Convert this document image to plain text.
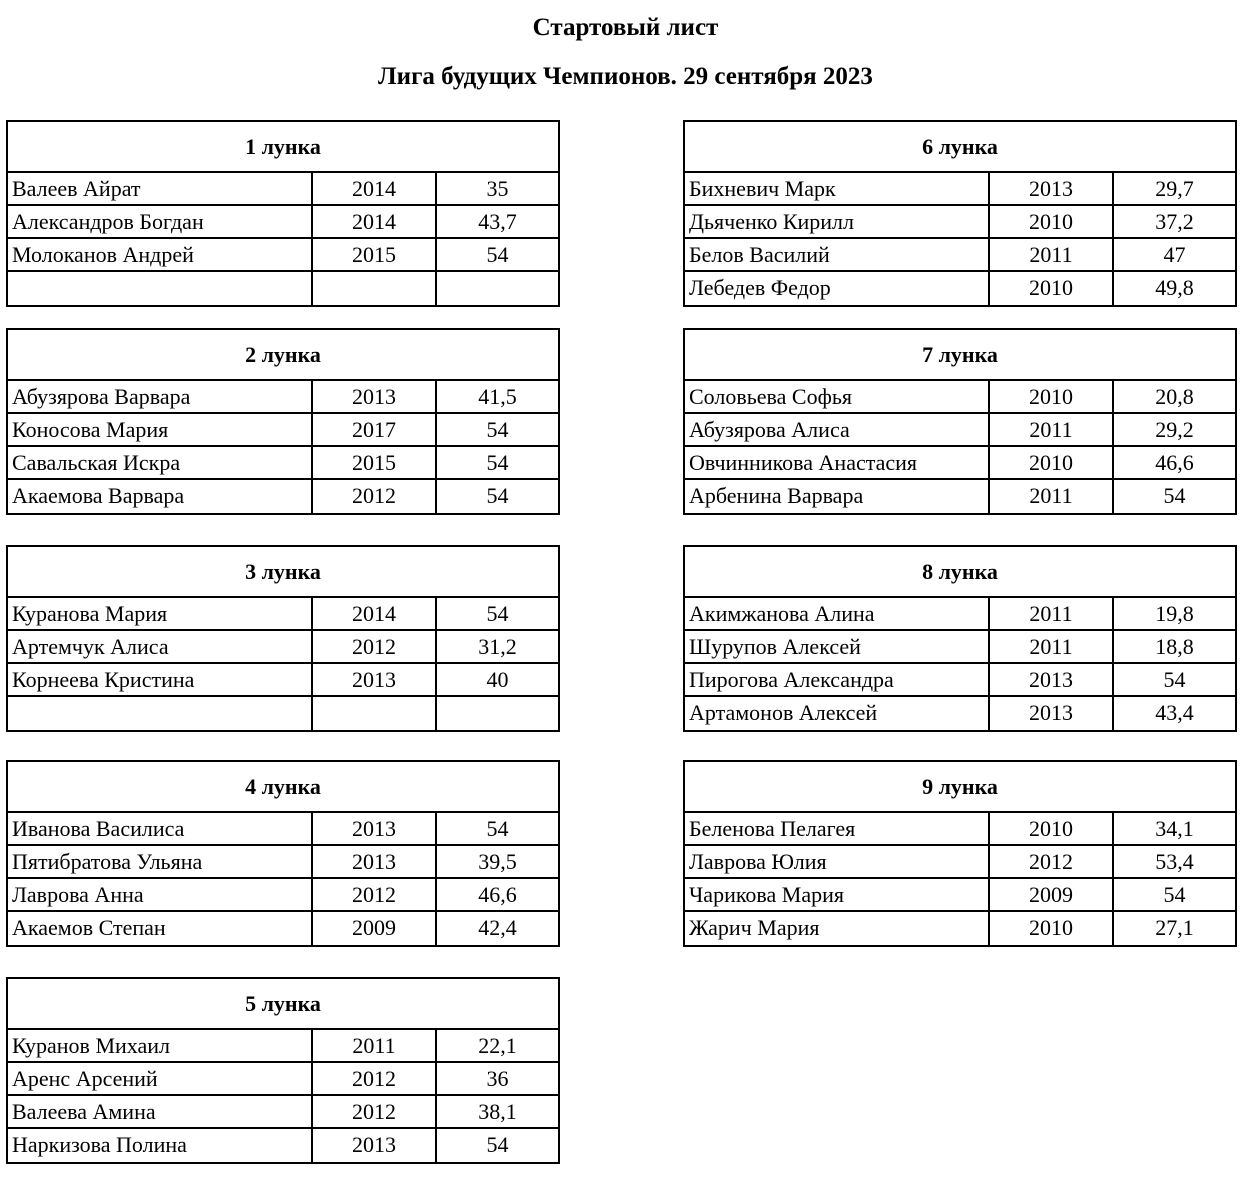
Стартовый лист
Лига будущих Чемпионов. 29 сентября 2023
1 лунка
Валеев Айрат	2014	35
Александров Богдан	2014	43,7
Молоканов Андрей	2015	54
2 лунка
Абузярова Варвара	2013	41,5
Коносова Мария	2017	54
Савальская Искра	2015	54
Акаемова Варвара	2012	54
3 лунка
Куранова Мария	2014	54
Артемчук Алиса	2012	31,2
Корнеева Кристина	2013	40
4 лунка
Иванова Василиса	2013	54
Пятибратова Ульяна	2013	39,5
Лаврова Анна	2012	46,6
Акаемов Степан	2009	42,4
5 лунка
Куранов Михаил	2011	22,1
Аренс Арсений	2012	36
Валеева Амина	2012	38,1
Наркизова Полина	2013	54
6 лунка
Бихневич Марк	2013	29,7
Дьяченко Кирилл	2010	37,2
Белов Василий	2011	47
Лебедев Федор	2010	49,8
7 лунка
Соловьева Софья	2010	20,8
Абузярова Алиса	2011	29,2
Овчинникова Анастасия	2010	46,6
Арбенина Варвара	2011	54
8 лунка
Акимжанова Алина	2011	19,8
Шурупов Алексей	2011	18,8
Пирогова Александра	2013	54
Артамонов Алексей	2013	43,4
9 лунка
Беленова Пелагея	2010	34,1
Лаврова Юлия	2012	53,4
Чарикова Мария	2009	54
Жарич Мария	2010	27,1
